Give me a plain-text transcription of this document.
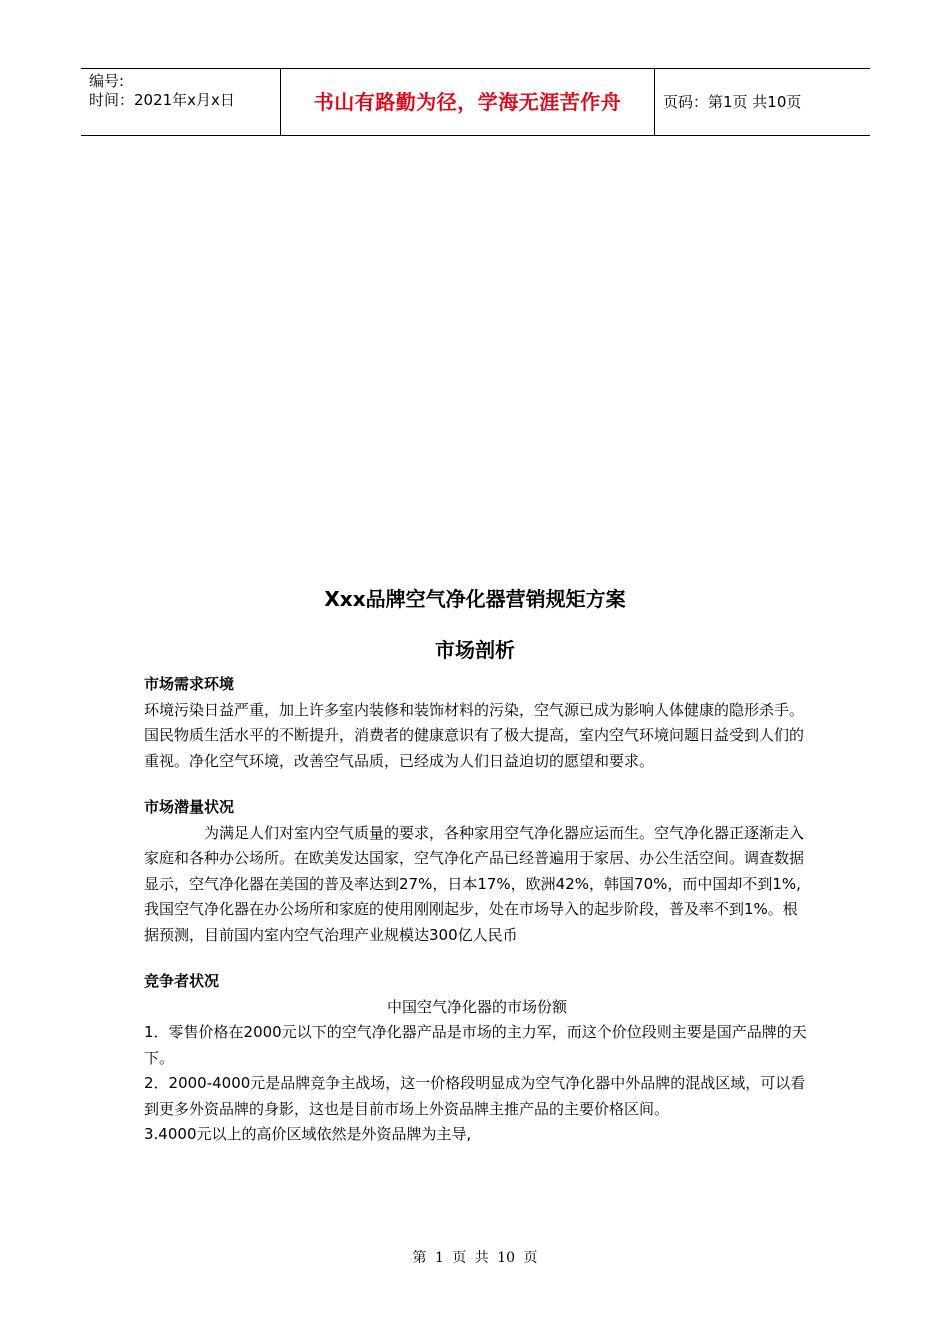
编号:
时间：2021年x月x日	书山有路勤为径，学海无涯苦作舟	页码：第1页 共10页
Xxx品牌空气净化器营销规矩方案
市场剖析

市场需求环境

环境污染日益严重，加上许多室内装修和装饰材料的污染，空气源已成为影响人体健康的隐形杀手。国民物质生活水平的不断提升，消费者的健康意识有了极大提高，室内空气环境问题日益受到人们的重视。净化空气环境，改善空气品质，已经成为人们日益迫切的愿望和要求。

市场潜量状况

为满足人们对室内空气质量的要求，各种家用空气净化器应运而生。空气净化器正逐渐走入家庭和各种办公场所。在欧美发达国家，空气净化产品已经普遍用于家居、办公生活空间。调查数据显示，空气净化器在美国的普及率达到27%，日本17%，欧洲42%，韩国70%，而中国却不到1%,

我国空气净化器在办公场所和家庭的使用刚刚起步，处在市场导入的起步阶段，普及率不到1%。根据预测，目前国内室内空气治理产业规模达300亿人民币

竞争者状况

中国空气净化器的市场份额

1．零售价格在2000元以下的空气净化器产品是市场的主力军，而这个价位段则主要是国产品牌的天下。

2．2000-4000元是品牌竞争主战场，这一价格段明显成为空气净化器中外品牌的混战区域，可以看到更多外资品牌的身影，这也是目前市场上外资品牌主推产品的主要价格区间。

3.4000元以上的高价区域依然是外资品牌为主导,

第 1 页 共 10 页
